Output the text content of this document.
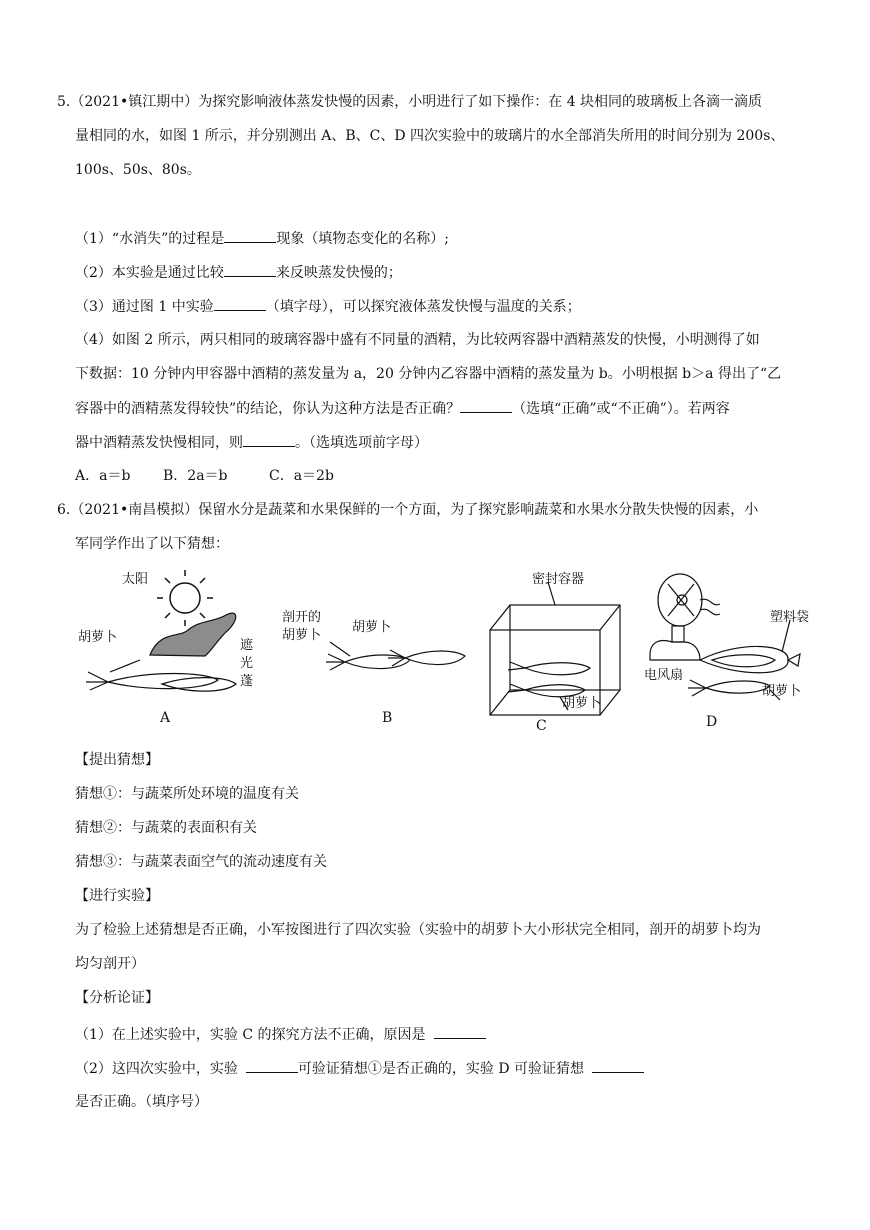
5.（2021•镇江期中）为探究影响液体蒸发快慢的因素，小明进行了如下操作：在 4 块相同的玻璃板上各滴一滴质
量相同的水，如图 1 所示，并分别测出 A、B、C、D 四次实验中的玻璃片的水全部消失所用的时间分别为 200s、
100s、50s、80s。
（1）“水消失”的过程是	现象（填物态变化的名称）;
（2）本实验是通过比较	来反映蒸发快慢的；
（3）通过图 1 中实验	（填字母），可以探究液体蒸发快慢与温度的关系；
（4）如图 2 所示，两只相同的玻璃容器中盛有不同量的酒精，为比较两容器中酒精蒸发的快慢，小明测得了如
下数据：10 分钟内甲容器中酒精的蒸发量为 a，20 分钟内乙容器中酒精的蒸发量为 b。小明根据 b＞a 得出了“乙
容器中的酒精蒸发得较快”的结论，你认为这种方法是否正确？	（选填“正确”或“不正确”）。若两容
器中酒精蒸发快慢相同，则	。（选填选项前字母）
A．a＝b B．2a＝b	C．a＝2b
6.（2021•南昌模拟）保留水分是蔬菜和水果保鲜的一个方面，为了探究影响蔬菜和水果水分散失快慢的因素，小
军同学作出了以下猜想：
太阳
胡萝卜
遮
光
蓬
剖开的
胡萝卜
胡萝卜
密封容器
胡萝卜
塑料袋
电风扇
胡萝卜
A	B	C	D
【提出猜想】
猜想①：与蔬菜所处环境的温度有关
猜想②：与蔬菜的表面积有关
猜想③：与蔬菜表面空气的流动速度有关
【进行实验】
为了检验上述猜想是否正确，小军按图进行了四次实验（实验中的胡萝卜大小形状完全相同，剖开的胡萝卜均为
均匀剖开）
【分析论证】
（1）在上述实验中，实验 C 的探究方法不正确，原因是
（2）这四次实验中，实验	可验证猜想①是否正确的，实验 D 可验证猜想
是否正确。（填序号）
